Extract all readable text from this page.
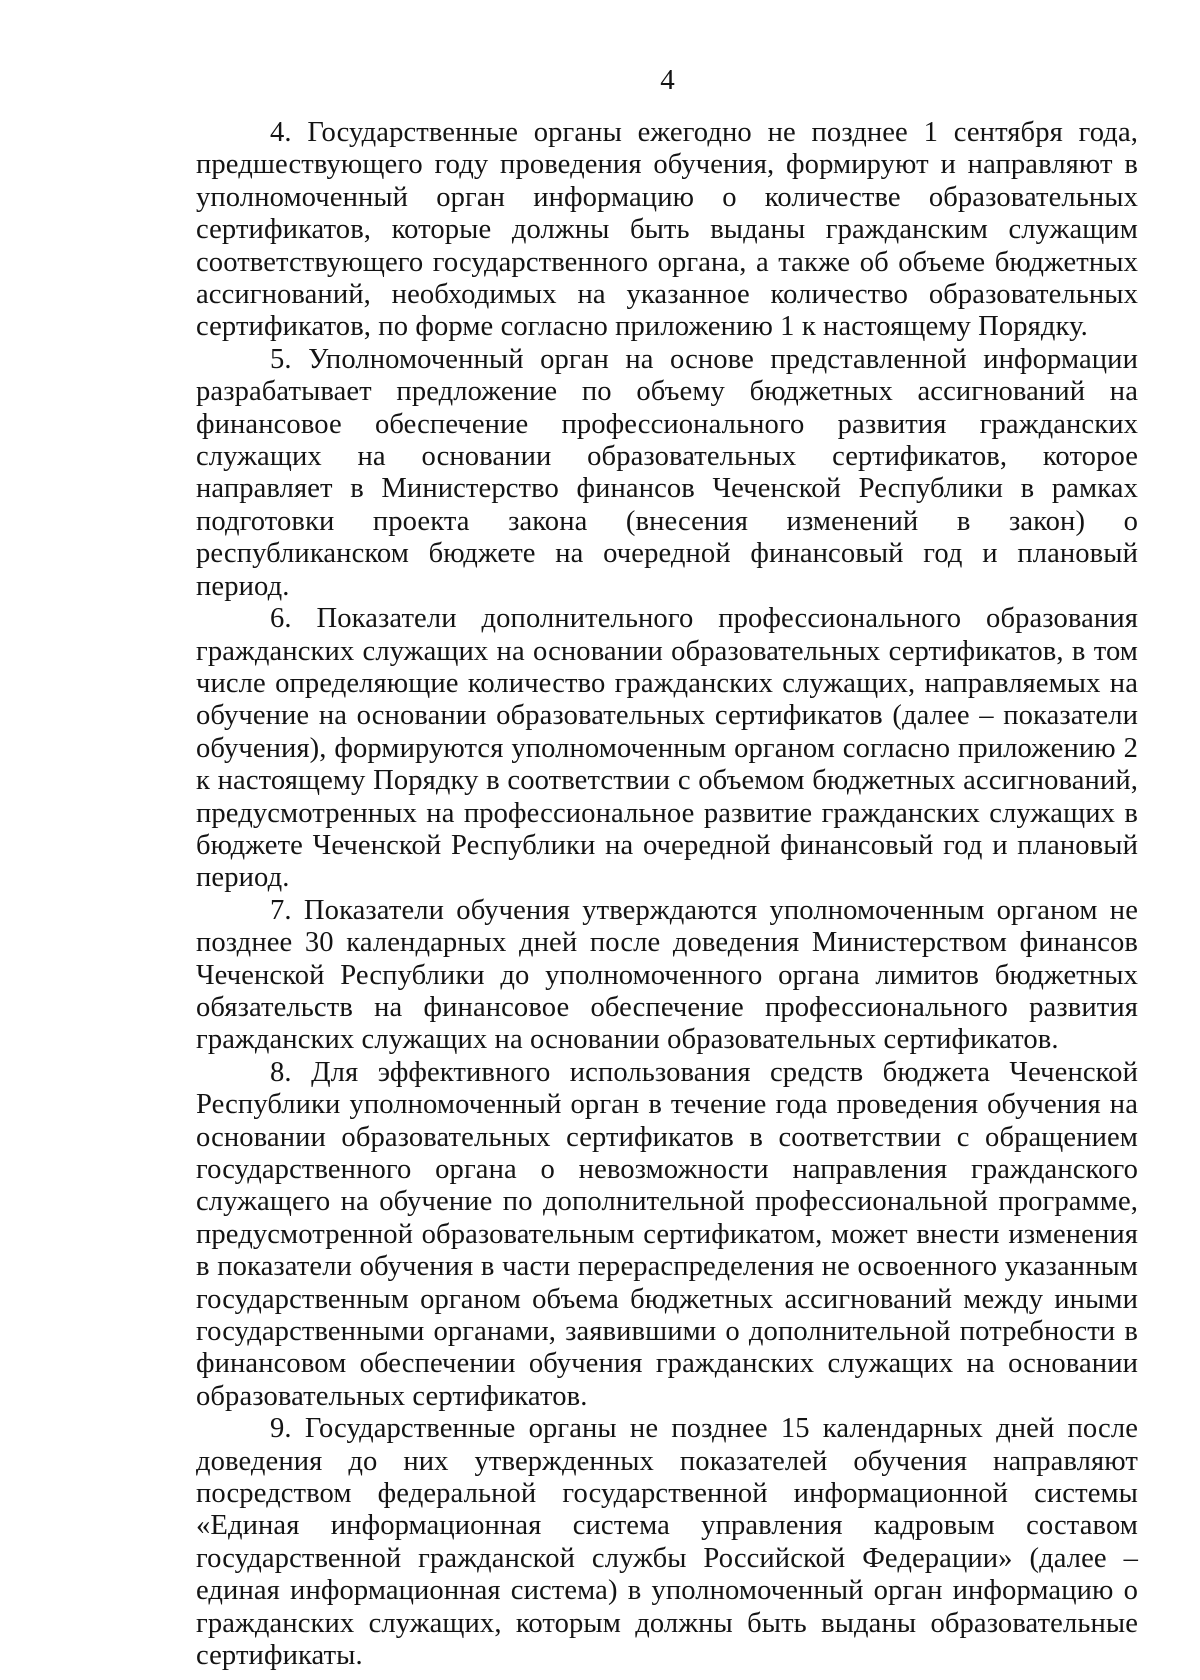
4

4. Государственные органы ежегодно не позднее 1 сентября года, предшествующего году проведения обучения, формируют и направляют в уполномоченный орган информацию о количестве образовательных сертификатов, которые должны быть выданы гражданским служащим соответствующего государственного органа, а также об объеме бюджетных ассигнований, необходимых на указанное количество образовательных сертификатов, по форме согласно приложению 1 к настоящему Порядку.

5. Уполномоченный орган на основе представленной информации разрабатывает предложение по объему бюджетных ассигнований на финансовое обеспечение профессионального развития гражданских служащих на основании образовательных сертификатов, которое направляет в Министерство финансов Чеченской Республики в рамках подготовки проекта закона (внесения изменений в закон) о республиканском бюджете на очередной финансовый год и плановый период.

6. Показатели дополнительного профессионального образования гражданских служащих на основании образовательных сертификатов, в том числе определяющие количество гражданских служащих, направляемых на обучение на основании образовательных сертификатов (далее – показатели обучения), формируются уполномоченным органом согласно приложению 2 к настоящему Порядку в соответствии с объемом бюджетных ассигнований, предусмотренных на профессиональное развитие гражданских служащих в бюджете Чеченской Республики на очередной финансовый год и плановый период.

7. Показатели обучения утверждаются уполномоченным органом не позднее 30 календарных дней после доведения Министерством финансов Чеченской Республики до уполномоченного органа лимитов бюджетных обязательств на финансовое обеспечение профессионального развития гражданских служащих на основании образовательных сертификатов.

8. Для эффективного использования средств бюджета Чеченской Республики уполномоченный орган в течение года проведения обучения на основании образовательных сертификатов в соответствии с обращением государственного органа о невозможности направления гражданского служащего на обучение по дополнительной профессиональной программе, предусмотренной образовательным сертификатом, может внести изменения в показатели обучения в части перераспределения не освоенного указанным государственным органом объема бюджетных ассигнований между иными государственными органами, заявившими о дополнительной потребности в финансовом обеспечении обучения гражданских служащих на основании образовательных сертификатов.

9. Государственные органы не позднее 15 календарных дней после доведения до них утвержденных показателей обучения направляют посредством федеральной государственной информационной системы «Единая информационная система управления кадровым составом государственной гражданской службы Российской Федерации» (далее – единая информационная система) в уполномоченный орган информацию о гражданских служащих, которым должны быть выданы образовательные сертификаты.
